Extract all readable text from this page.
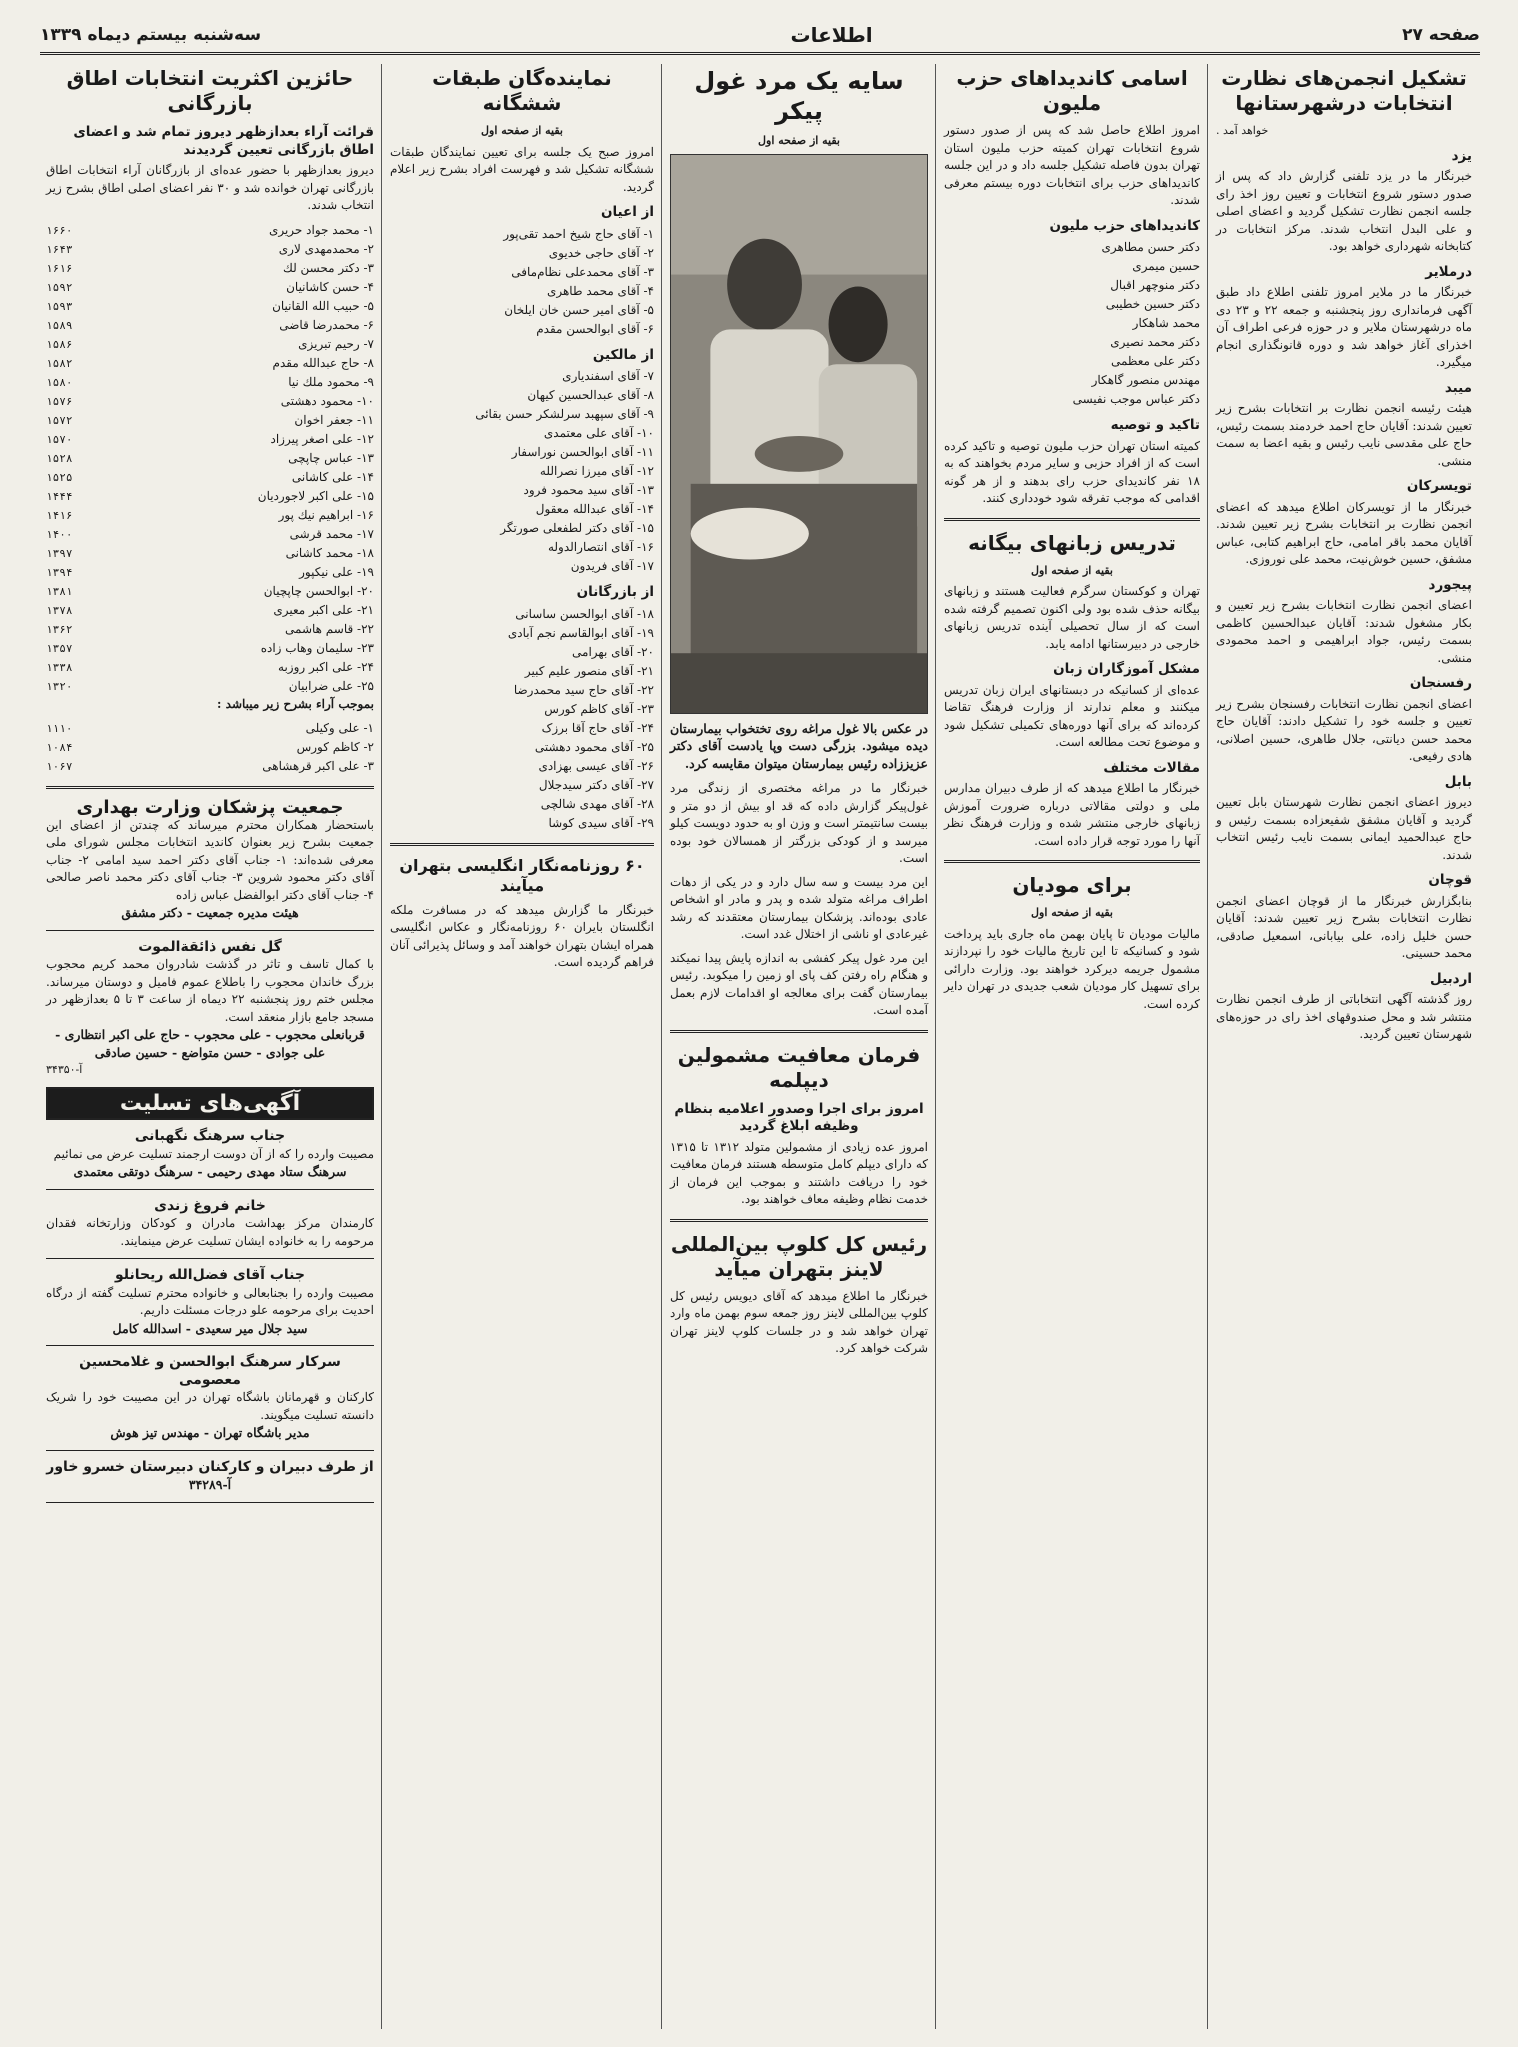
صفحه ۲۷
اطلاعات
سه‌شنبه بیستم دیماه ۱۳۳۹
تشکیل انجمن‌های نظارت انتخابات درشهرستانها
خواهد آمد .
یزد
خبرنگار ما در یزد تلفنی گزارش داد که پس از صدور دستور شروع انتخابات و تعیین روز اخذ رای جلسه انجمن نظارت تشکیل گردید و اعضای اصلی و علی البدل انتخاب شدند. مرکز انتخابات در کتابخانه شهرداری خواهد بود.
درملایر
خبرنگار ما در ملایر امروز تلفنی اطلاع داد طبق آگهی فرمانداری روز پنجشنبه و جمعه ۲۲ و ۲۳ دی ماه درشهرستان ملایر و در حوزه فرعی اطراف آن اخذرای آغاز خواهد شد و دوره قانونگذاری انجام میگیرد.
میبد
هیئت رئیسه انجمن نظارت بر انتخابات بشرح زیر تعیین شدند: آقایان حاج احمد خردمند بسمت رئیس، حاج علی مقدسی نایب رئیس و بقیه اعضا به سمت منشی.
تویسرکان
خبرنگار ما از تویسرکان اطلاع میدهد که اعضای انجمن نظارت بر انتخابات بشرح زیر تعیین شدند. آقایان محمد باقر امامی، حاج ابراهیم کتابی، عباس مشفق، حسین خوش‌نیت، محمد علی نوروزی.
پیجورد
اعضای انجمن نظارت انتخابات بشرح زیر تعیین و بکار مشغول شدند: آقایان عبدالحسین کاظمی بسمت رئیس، جواد ابراهیمی و احمد محمودی منشی.
رفسنجان
اعضای انجمن نظارت انتخابات رفسنجان بشرح زیر تعیین و جلسه خود را تشکیل دادند: آقایان حاج محمد حسن دیانتی، جلال طاهری، حسین اصلانی، هادی رفیعی.
بابل
دیروز اعضای انجمن نظارت شهرستان بابل تعیین گردید و آقایان مشفق شفیعزاده بسمت رئیس و حاج عبدالحمید ایمانی بسمت نایب رئیس انتخاب شدند.
قوچان
بنابگزارش خبرنگار ما از قوچان اعضای انجمن نظارت انتخابات بشرح زیر تعیین شدند: آقایان حسن خلیل زاده، علی بیابانی، اسمعیل صادقی، محمد حسینی.
اردبیل
روز گذشته آگهی انتخاباتی از طرف انجمن نظارت منتشر شد و محل صندوقهای اخذ رای در حوزه‌های شهرستان تعیین گردید.
اسامی کاندیداهای حزب ملیون
امروز اطلاع حاصل شد که پس از صدور دستور شروع انتخابات تهران کمیته حزب ملیون استان تهران بدون فاصله تشکیل جلسه داد و در این جلسه کاندیداهای حزب برای انتخابات دوره بیستم معرفی شدند.
کاندیداهای حزب ملیون
دکتر حسن مطاهری
حسین میمری
دکتر منوچهر اقبال
دکتر حسین خطیبی
محمد شاهکار
دکتر محمد نصیری
دکتر علی معظمی
مهندس منصور گاهکار
دکتر عباس موجب نفیسی
تاکید و توصیه
کمیته استان تهران حزب ملیون توصیه و تاکید کرده است که از افراد حزبی و سایر مردم بخواهند که به ۱۸ نفر کاندیدای حزب رای بدهند و از هر گونه اقدامی که موجب تفرقه شود خودداری کنند.
تدریس زبانهای بیگانه
بقیه از صفحه اول
تهران و کوکستان سرگرم فعالیت هستند و زبانهای بیگانه حذف شده بود ولی اکنون تصمیم گرفته شده است که از سال تحصیلی آینده تدریس زبانهای خارجی در دبیرستانها ادامه یابد.
مشکل آموزگاران زبان
عده‌ای از کسانیکه در دبستانهای ایران زبان تدریس میکنند و معلم ندارند از وزارت فرهنگ تقاضا کرده‌اند که برای آنها دوره‌های تکمیلی تشکیل شود و موضوع تحت مطالعه است.
مقالات مختلف
خبرنگار ما اطلاع میدهد که از طرف دبیران مدارس ملی و دولتی مقالاتی درباره ضرورت آموزش زبانهای خارجی منتشر شده و وزارت فرهنگ نظر آنها را مورد توجه قرار داده است.
برای مودیان
بقیه از صفحه اول
مالیات مودیان تا پایان بهمن ماه جاری باید پرداخت شود و کسانیکه تا این تاریخ مالیات خود را نپردازند مشمول جریمه دیرکرد خواهند بود. وزارت دارائی برای تسهیل کار مودیان شعب جدیدی در تهران دایر کرده است.
سایه یک مرد غول پیکر
بقیه از صفحه اول
در عکس بالا غول مراغه روی تختخواب بیمارستان دیده میشود. بزرگی دست وپا یادست آقای دکتر عزیززاده رئیس بیمارستان میتوان مقایسه کرد.
خبرنگار ما در مراغه مختصری از زندگی مرد غول‌پیکر گزارش داده که قد او بیش از دو متر و بیست سانتیمتر است و وزن او به حدود دویست کیلو میرسد و از کودکی بزرگتر از همسالان خود بوده است.
این مرد بیست و سه سال دارد و در یکی از دهات اطراف مراغه متولد شده و پدر و مادر او اشخاص عادی بوده‌اند. پزشکان بیمارستان معتقدند که رشد غیرعادی او ناشی از اختلال غدد است.
این مرد غول پیکر کفشی به اندازه پایش پیدا نمیکند و هنگام راه رفتن کف پای او زمین را میکوبد. رئیس بیمارستان گفت برای معالجه او اقدامات لازم بعمل آمده است.
فرمان معافیت مشمولین دیپلمه
امروز برای اجرا وصدور اعلامیه بنظام وظیفه ابلاغ گردید
امروز عده زیادی از مشمولین متولد ۱۳۱۲ تا ۱۳۱۵ که دارای دیپلم کامل متوسطه هستند فرمان معافیت خود را دریافت داشتند و بموجب این فرمان از خدمت نظام وظیفه معاف خواهند بود.
رئیس کل کلوپ بین‌المللی لاینز بتهران میآید
خبرنگار ما اطلاع میدهد که آقای دیویس رئیس کل کلوپ بین‌المللی لاینز روز جمعه سوم بهمن ماه وارد تهران خواهد شد و در جلسات کلوپ لاینز تهران شرکت خواهد کرد.
نماینده‌گان طبقات ششگانه
بقیه از صفحه اول
امروز صبح یک جلسه برای تعیین نمایندگان طبقات ششگانه تشکیل شد و فهرست افراد بشرح زیر اعلام گردید.
از اعیان
۱- آقای حاج شیخ احمد تقی‌پور
۲- آقای حاجی خدیوی
۳- آقای محمدعلی نظام‌مافی
۴- آقای محمد طاهری
۵- آقای امیر حسن خان ایلخان
۶- آقای ابوالحسن مقدم
از مالکین
۷- آقای اسفندیاری
۸- آقای عبدالحسین کیهان
۹- آقای سپهبد سرلشکر حسن بقائی
۱۰- آقای علی معتمدی
۱۱- آقای ابوالحسن نوراسفار
۱۲- آقای میرزا نصرالله
۱۳- آقای سید محمود فرود
۱۴- آقای عبدالله معقول
۱۵- آقای دکتر لطفعلی صورتگر
۱۶- آقای انتصارالدوله
۱۷- آقای فریدون
از بازرگانان
۱۸- آقای ابوالحسن ساسانی
۱۹- آقای ابوالقاسم نجم آبادی
۲۰- آقای بهرامی
۲۱- آقای منصور علیم کبیر
۲۲- آقای حاج سید محمدرضا
۲۳- آقای کاظم کورس
۲۴- آقای حاج آقا برزک
۲۵- آقای محمود دهشتی
۲۶- آقای عیسی بهزادی
۲۷- آقای دکتر سیدجلال
۲۸- آقای مهدی شالچی
۲۹- آقای سیدی کوشا
۶۰ روزنامه‌نگار انگلیسی بتهران میآیند
خبرنگار ما گزارش میدهد که در مسافرت ملکه انگلستان بایران ۶۰ روزنامه‌نگار و عکاس انگلیسی همراه ایشان بتهران خواهند آمد و وسائل پذیرائی آنان فراهم گردیده است.
حائزین اکثریت انتخابات اطاق بازرگانی
قرائت آراء بعدازظهر دیروز تمام شد و اعضای اطاق بازرگانی تعیین گردیدند
دیروز بعدازظهر با حضور عده‌ای از بازرگانان آراء انتخابات اطاق بازرگانی تهران خوانده شد و ۳۰ نفر اعضای اصلی اطاق بشرح زیر انتخاب شدند.
۱- محمد جواد حریری
۱۶۶۰
۲- محمدمهدی لاری
۱۶۴۳
۳- دکتر محسن لك
۱۶۱۶
۴- حسن کاشانیان
۱۵۹۲
۵- حبیب الله القانیان
۱۵۹۳
۶- محمدرضا قاضی
۱۵۸۹
۷- رحیم تبریزی
۱۵۸۶
۸- حاج عبدالله مقدم
۱۵۸۲
۹- محمود ملك نیا
۱۵۸۰
۱۰- محمود دهشتی
۱۵۷۶
۱۱- جعفر اخوان
۱۵۷۲
۱۲- علی اصغر پیرزاد
۱۵۷۰
۱۳- عباس چاپچی
۱۵۲۸
۱۴- علی کاشانی
۱۵۲۵
۱۵- علی اکبر لاجوردیان
۱۴۴۴
۱۶- ابراهیم نیك پور
۱۴۱۶
۱۷- محمد قرشی
۱۴۰۰
۱۸- محمد کاشانی
۱۳۹۷
۱۹- علی نیکپور
۱۳۹۴
۲۰- ابوالحسن چاپچیان
۱۳۸۱
۲۱- علی اکبر معیری
۱۳۷۸
۲۲- قاسم هاشمی
۱۳۶۲
۲۳- سلیمان وهاب زاده
۱۳۵۷
۲۴- علی اکبر روزبه
۱۳۳۸
۲۵- علی ضرابیان
۱۳۲۰
بموجب آراء بشرح زیر میباشد :
۱- علی وکیلی
۱۱۱۰
۲- کاظم کورس
۱۰۸۴
۳- علی اکبر قرهشاهی
۱۰۶۷
جمعیت پزشکان وزارت بهداری
باستحضار همکاران محترم میرساند که چندتن از اعضای این جمعیت بشرح زیر بعنوان کاندید انتخابات مجلس شورای ملی معرفی شده‌اند: ۱- جناب آقای دکتر احمد سید امامی ۲- جناب آقای دکتر محمود شروین ۳- جناب آقای دکتر محمد ناصر صالحی ۴- جناب آقای دکتر ابوالفضل عباس زاده
هیئت مدیره جمعیت - دکتر مشفق
گل نفس ذائقةالموت
با کمال تاسف و تاثر در گذشت شادروان محمد کریم محجوب بزرگ خاندان محجوب را باطلاع عموم فامیل و دوستان میرساند. مجلس ختم روز پنجشنبه ۲۲ دیماه از ساعت ۳ تا ۵ بعدازظهر در مسجد جامع بازار منعقد است.
قربانعلی محجوب - علی محجوب - حاج علی اکبر انتظاری - علی جوادی - حسن متواضع - حسین صادقی
آ-۳۴۳۵۰
آگهی‌های تسلیت
جناب سرهنگ نگهبانی
مصیبت وارده را که از آن دوست ارجمند تسلیت عرض می نمائیم
سرهنگ ستاد مهدی رحیمی - سرهنگ دوتقی معتمدی
خانم فروغ زندی
کارمندان مرکز بهداشت مادران و کودکان وزارتخانه فقدان مرحومه را به خانواده ایشان تسلیت عرض مینمایند.
جناب آقای فضل‌الله ریحانلو
مصیبت وارده را بجنابعالی و خانواده محترم تسلیت گفته از درگاه احدیت برای مرحومه علو درجات مسئلت داریم.
سید جلال میر سعیدی - اسدالله کامل
سرکار سرهنگ ابوالحسن و غلامحسین معصومی
کارکنان و قهرمانان باشگاه تهران در این مصیبت خود را شریک دانسته تسلیت میگویند.
مدیر باشگاه تهران - مهندس تیز هوش
از طرف دبیران و کارکنان دبیرستان خسرو خاور
آ-۳۴۲۸۹
